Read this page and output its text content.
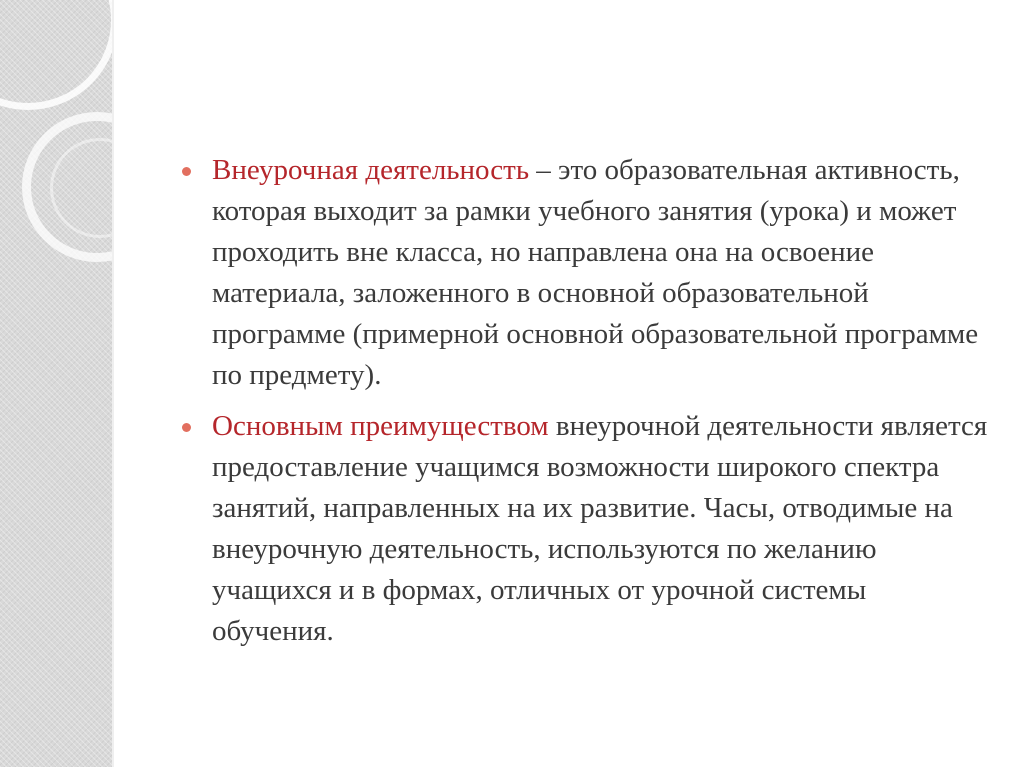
Внеурочная деятельность – это образовательная активность, которая выходит за рамки учебного занятия (урока) и может проходить вне класса, но направлена она на освоение материала, заложенного в основной образовательной программе (примерной основной образовательной программе по предмету).
Основным преимуществом внеурочной деятельности является предоставление учащимся возможности широкого спектра занятий, направленных на их развитие. Часы, отводимые на внеурочную деятельность, используются по желанию учащихся и в формах, отличных от урочной системы обучения.
